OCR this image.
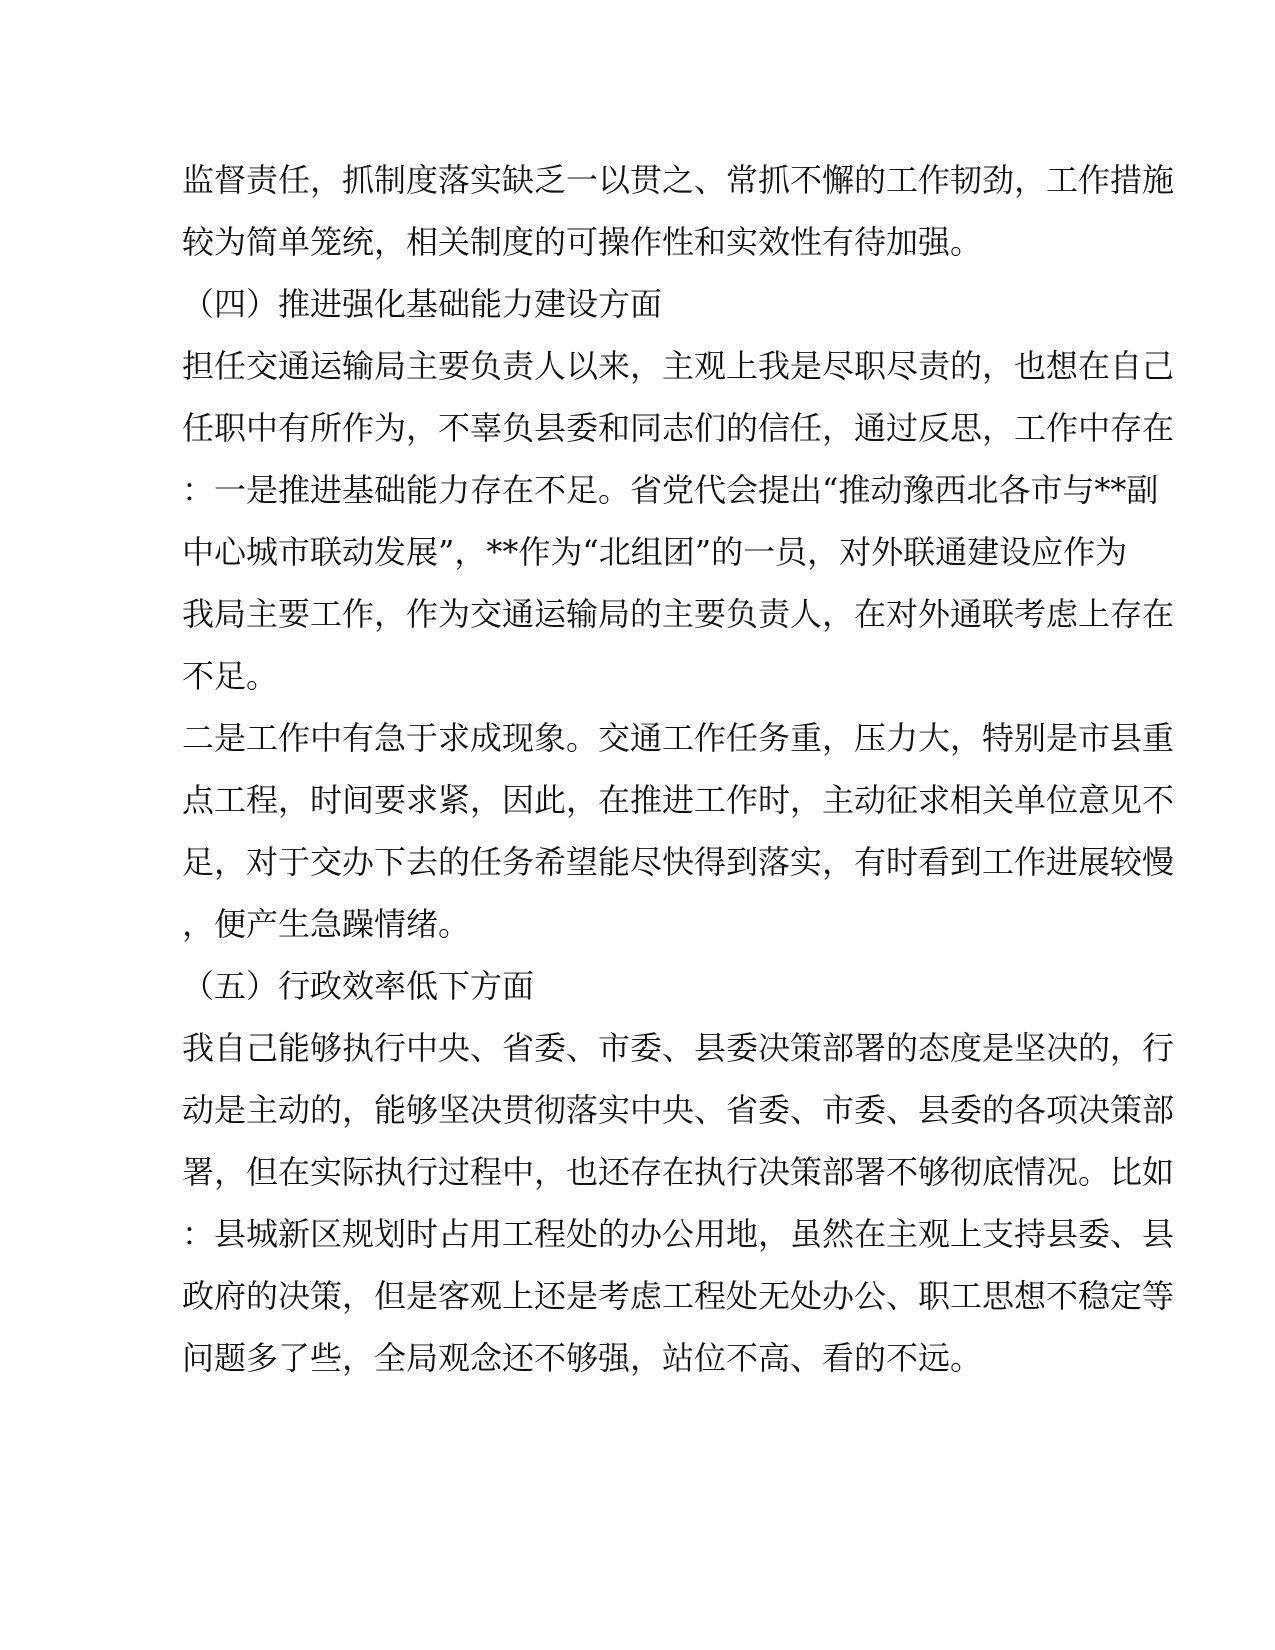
监督责任，抓制度落实缺乏一以贯之、常抓不懈的工作韧劲，工作措施
较为简单笼统，相关制度的可操作性和实效性有待加强。
（四）推进强化基础能力建设方面
担任交通运输局主要负责人以来，主观上我是尽职尽责的，也想在自己
任职中有所作为，不辜负县委和同志们的信任，通过反思，工作中存在
：一是推进基础能力存在不足。省党代会提出“推动豫西北各市与**副
中心城市联动发展”，**作为“北组团”的一员，对外联通建设应作为
我局主要工作，作为交通运输局的主要负责人，在对外通联考虑上存在
不足。
二是工作中有急于求成现象。交通工作任务重，压力大，特别是市县重
点工程，时间要求紧，因此，在推进工作时，主动征求相关单位意见不
足，对于交办下去的任务希望能尽快得到落实，有时看到工作进展较慢
，便产生急躁情绪。
（五）行政效率低下方面
我自己能够执行中央、省委、市委、县委决策部署的态度是坚决的，行
动是主动的，能够坚决贯彻落实中央、省委、市委、县委的各项决策部
署，但在实际执行过程中，也还存在执行决策部署不够彻底情况。比如
：县城新区规划时占用工程处的办公用地，虽然在主观上支持县委、县
政府的决策，但是客观上还是考虑工程处无处办公、职工思想不稳定等
问题多了些，全局观念还不够强，站位不高、看的不远。
